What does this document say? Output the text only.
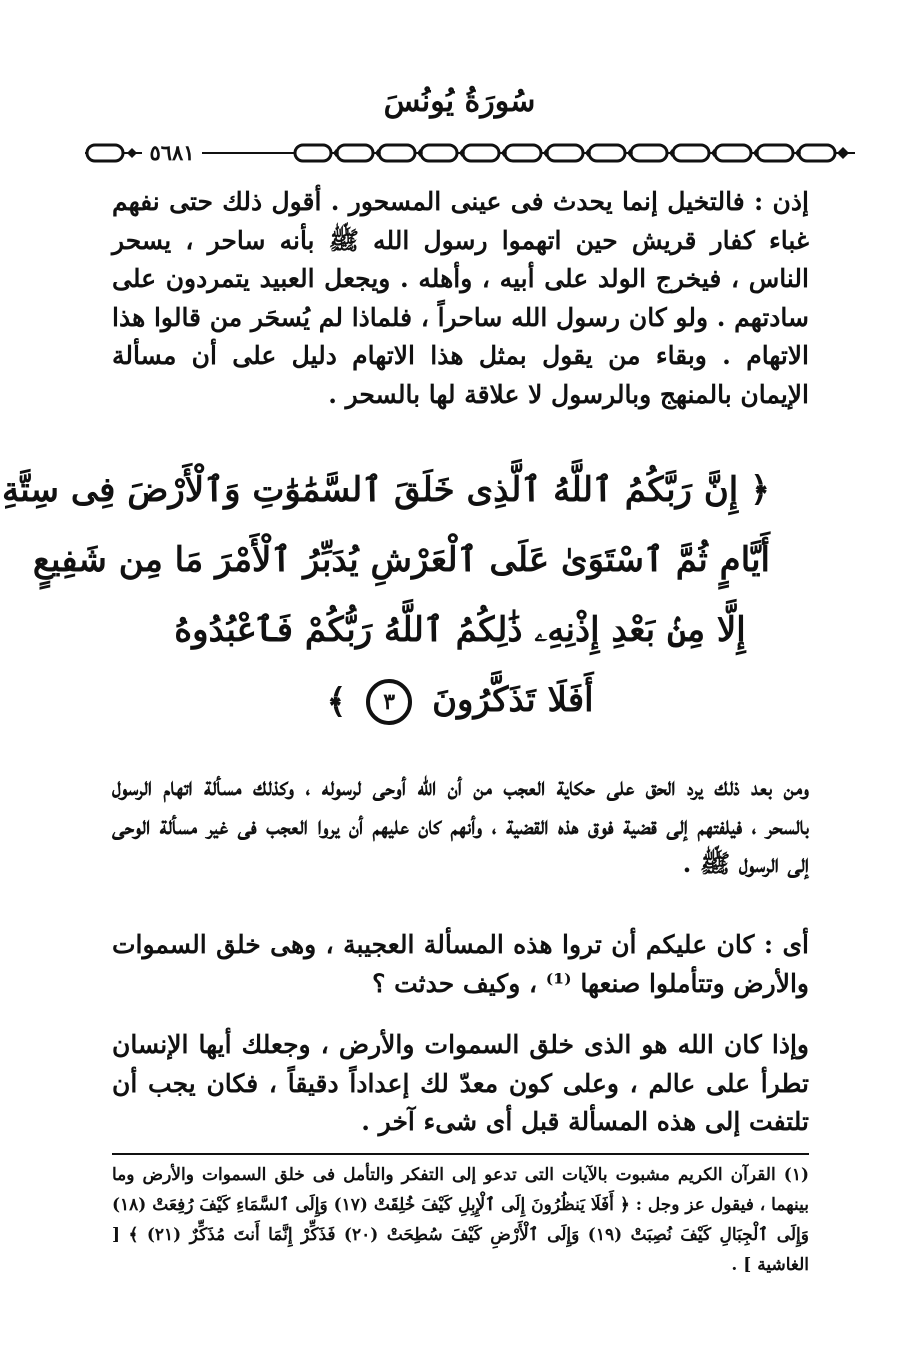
سُورَةُ يُونُسَ
٥٦٨١

إذن : فالتخيل إنما يحدث فى عينى المسحور . أقول ذلك حتى نفهم غباء كفار قريش حين اتهموا رسول الله ﷺ بأنه ساحر ، يسحر الناس ، فيخرج الولد على أبيه ، وأهله . ويجعل العبيد يتمردون على سادتهم . ولو كان رسول الله ساحراً ، فلماذا لم يُسحَر من قالوا هذا الاتهام . وبقاء من يقول بمثل هذا الاتهام دليل على أن مسألة الإيمان بالمنهج وبالرسول لا علاقة لها بالسحر .

﴿ إِنَّ رَبَّكُمُ ٱللَّهُ ٱلَّذِى خَلَقَ ٱلسَّمَٰوَٰتِ وَٱلْأَرْضَ فِى سِتَّةِ
أَيَّامٍ ثُمَّ ٱسْتَوَىٰ عَلَى ٱلْعَرْشِ يُدَبِّرُ ٱلْأَمْرَ مَا مِن شَفِيعٍ
إِلَّا مِنۢ بَعْدِ إِذْنِهِۦ ذَٰلِكُمُ ٱللَّهُ رَبُّكُمْ فَٱعْبُدُوهُ
أَفَلَا تَذَكَّرُونَ ٣ ﴾

ومن بعد ذلك يرد الحق على حكاية العجب من أن الله أوحى لرسوله ، وكذلك مسألة اتهام الرسول بالسحر ، فيلفتهم إلى قضية فوق هذه القضية ، وأنهم كان عليهم أن يروا العجب فى غير مسألة الوحى إلى الرسول ﷺ .

أى : كان عليكم أن تروا هذه المسألة العجيبة ، وهى خلق السموات والأرض وتتأملوا صنعها ⁽¹⁾ ، وكيف حدثت ؟

وإذا كان الله هو الذى خلق السموات والأرض ، وجعلك أيها الإنسان تطرأ على عالم ، وعلى كون معدّ لك إعداداً دقيقاً ، فكان يجب أن تلتفت إلى هذه المسألة قبل أى شىء آخر .

(١) القرآن الكريم مشبوت بالآيات التى تدعو إلى التفكر والتأمل فى خلق السموات والأرض وما بينهما ، فيقول عز وجل : ﴿ أَفَلَا يَنظُرُونَ إِلَى ٱلْإِبِلِ كَيْفَ خُلِقَتْ (١٧) وَإِلَى ٱلسَّمَاءِ كَيْفَ رُفِعَتْ (١٨) وَإِلَى ٱلْجِبَالِ كَيْفَ نُصِبَتْ (١٩) وَإِلَى ٱلْأَرْضِ كَيْفَ سُطِحَتْ (٢٠) فَذَكِّرْ إِنَّمَا أَنتَ مُذَكِّرٌ (٢١) ﴾ [ الغاشية ] .
